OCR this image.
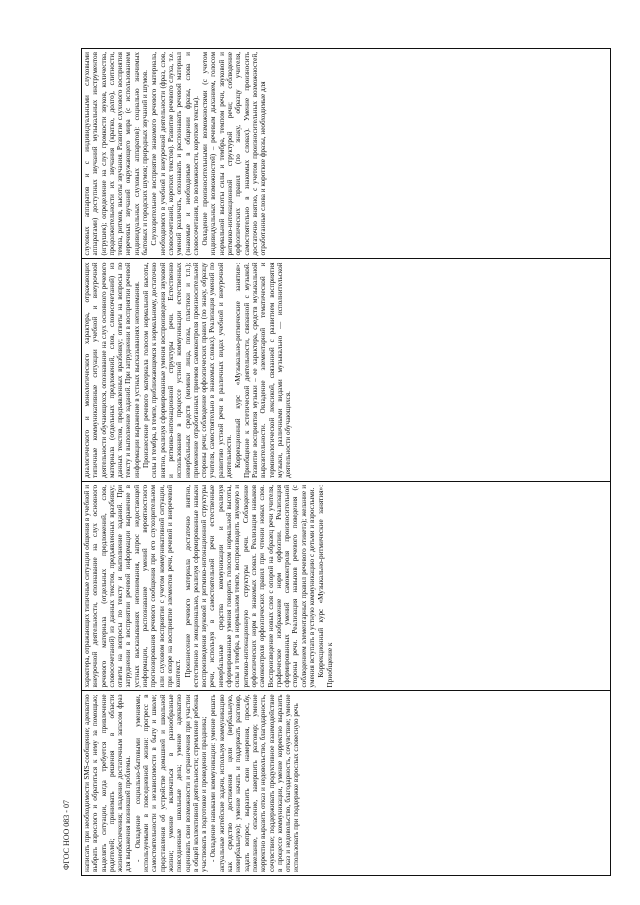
написать при необходимости SMS-сообщение; адекватно выбрать взрослого и обратиться к нему за помощью; выделять ситуации, когда требуется привлечение родителей; принимать решения в области жизнеобеспечения; владение достаточным запасом фраз для выражения возникшей проблемы. - Овладение социально-бытовыми умениями, используемыми в повседневной жизни: прогресс в самостоятельности и независимости в быту и школе; представления об устройстве домашней и школьной жизни; умение включаться в разнообразные повседневные школьные дела; умение адекватно оценивать свои возможности и ограничения при участии в общей коллективной деятельности; стремление ребенка участвовать в подготовке и проведении праздника; - Овладение навыками коммуникации: умение решать актуальные житейские задачи, используя коммуникацию как средство достижения цели (вербальную, невербальную); умение начать и поддержать разговор, задать вопрос, выразить свои намерения, просьбу, пожелание, опасение, завершить разговор; умение корректно выразить отказ и недовольство, благодарность, сочувствие; поддерживать продуктивное взаимодействие в процессе коммуникации, умение корректно выразить отказ и недовольство, благодарность, сочувствие; умение использовать при поддержке взрослых словесную речь

характера, отражающих типичные ситуации общения в учебной и внеурочной деятельности, опознавание на слух основного речевого материала (отдельных предложений, слов, словосочетаний) из данных текстов, предъявленных вразбивку; ответы на вопросы по тексту и выполнение заданий. При затруднении в восприятии речевой информации выражение в устных высказываниях непонимания, запрос недостающей информации, распознавание умений вероятностного прогнозирования речевого сообщения при его слухозрительном или слуховом восприятии с учетом коммуникативной ситуации, при опоре на восприятие элементов речи, речевой и внеречевой контекст. Произнесение речевого материала достаточно внятно, естественно и эмоционально, реализуя сформированные навыки воспроизведения звуковой и ритмико-интонационной структуры речи, используя в самостоятельной речи естественные невербальные средства коммуникации и реализуя сформированные умения говорить голосом нормальной высоты, силы и тембра, в нормальном темпе, воспроизводить звуковую и ритмико-интонационную структуры речи. Соблюдение орфоэпических норм в знакомых словах. Реализация навыков самоконтроля орфоэпических правил при чтении новых слов. Воспроизведение новых слов с опорой на образец речи учителя, графическое изображение норм орфоэпии. Реализация сформированных умений самоконтроля произносительной стороны речи. Реализация навыков речевого поведения (с соблюдением элементарных правил речевого этикета); желание и умения вступать в устную коммуникацию с детьми и взрослыми. Коррекционный курс «Музыкально-ритмические занятия»: Приобщение к

диалогического и монологического характера, отражающих типичные коммуникативные ситуации учебной и внеурочной деятельности обучающихся, опознавание на слух основного речевого материала (отдельных предложений, слов, словосочетаний) из данных текстов, предъявленных вразбивку; ответы на вопросы по тексту и выполнение заданий. При затруднении в восприятии речевой информации выражение в устных высказываниях непонимания. Произнесение речевого материала голосом нормальной высоты, силы и тембра, в темпе, приближающемся к нормальному, достаточно внятно, реализуя сформированные умения воспроизведения звуковой и ритмико-интонационной структуры речи. Естественно использование в процессе устной коммуникации естественных невербальных средств (мимики лица, позы, пластики и т.п.); применение отработанных приемов самоконтроля произносительной стороны речи; соблюдение орфоэпических правил (по знаку, образцу учителя, самостоятельно в знакомых словах). Реализация умений по развитию устной речи в различных видах учебной и внеурочной деятельности. Коррекционный курс «Музыкально-ритмические занятия»: Приобщение к эстетической деятельности, связанной с музыкой. Развитие восприятия музыки – ее характера, средств музыкальной выразительности. Овладение элементарной тематической и терминологической лексикой, связанной с развитием восприятия музыки, различными видами музыкально — исполнительской деятельности обучающихся.

слуховых аппаратов и с индивидуальными слуховыми аппаратами) доступных звучаний музыкальных инструментов (игрушек); определение на слух громкости звуков, количества, продолжительности их звучания (кратко, долго), слитности, темпа, ритмов, высоты звучания. Развитие слухового восприятия неречевых звучаний окружающего мира (с использованием индивидуальных слуховых аппаратов): социально значимых бытовых и городских шумов; природных звучаний и шумов. Слухозрительное восприятие знакомого речевого материала, необходимого в учебной и внеурочной деятельности (фраз, слов, словосочетаний, коротких текстов). Развитие речевого слуха, т.е. умений различать, опознавать и распознавать речевой материал (знакомые и необходимые в общении фразы, слова и словосочетания, по возможности, короткие тексты). Овладение произносительными возможностями (с учетом индивидуальных возможностей) – речевым дыханием, голосом нормальной высоты силы и тембра, темпом речи, звуковой и ритмико-интонационной структурой речи; соблюдение орфоэпических правил (по знаку, образцу учителя, самостоятельно в знакомых словах). Умение произносить достаточно внятно, с учетом произносительных возможностей, отработанные слова и короткие фразы, необходимые для

ФГОС НОО 083 - 07
